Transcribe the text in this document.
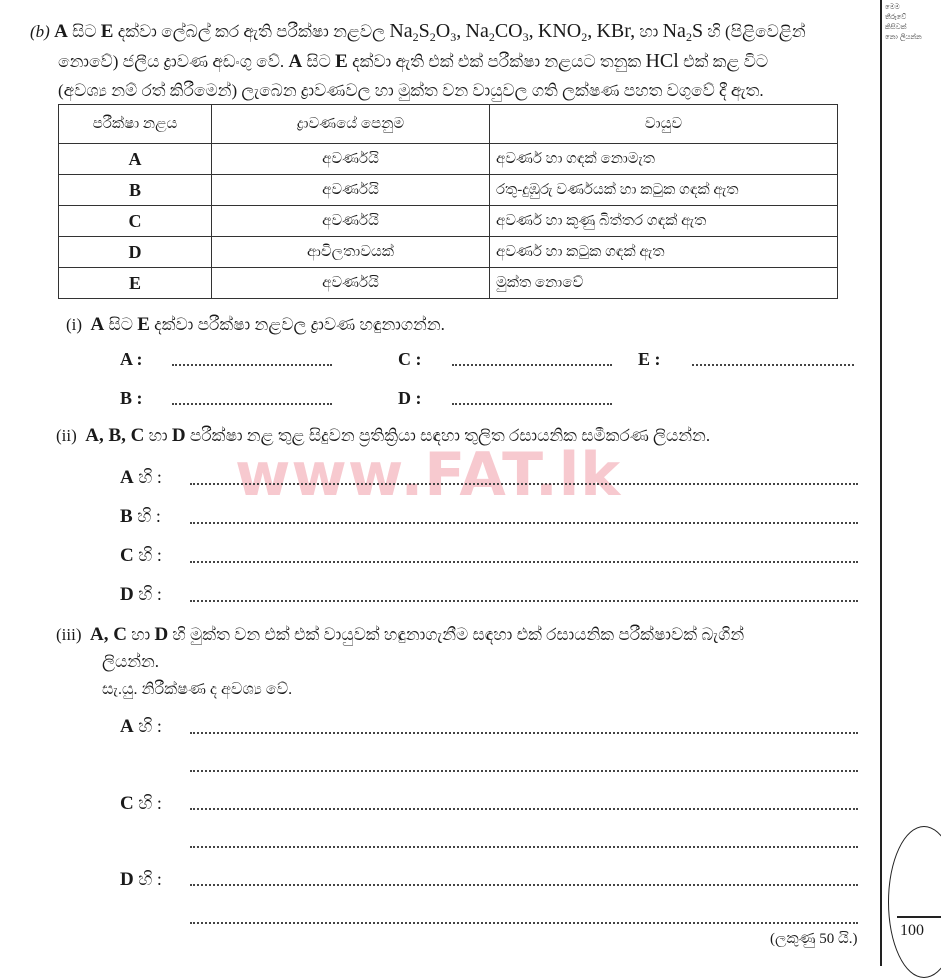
මෙම
තීරුවේ
කිසිවක්
නො ලියන්න
(b) A සිට E දක්වා ලේබල් කර ඇති පරීක්ෂා නළවල $Na_2S_2O_3$, $Na_2CO_3$, $KNO_2$, KBr, හා $Na_2S$ හි (පිළිවෙළින්
නොවේ) ජලීය ද්‍රාවණ අඩංගු වේ. A සිට E දක්වා ඇති එක් එක් පරීක්ෂා නළයට තනුක HCl එක් කළ විට
(අවශ්‍ය නම් රත් කිරීමෙන්) ලැබෙන ද්‍රාවණවල හා මුක්ත වන වායුවල ගති ලක්ෂණ පහත වගුවේ දී ඇත.
පරීක්ෂා නළය	ද්‍රාවණයේ පෙනුම	වායුව
A	අවර්ණයි	අවර්ණ හා ගඳක් නොමැත
B	අවර්ණයි	රතු-දුඹුරු වර්ණයක් හා කටුක ගඳක් ඇත
C	අවර්ණයි	අවර්ණ හා කුණු බිත්තර ගඳක් ඇත
D	ආවිලතාවයක්	අවර්ණ හා කටුක ගඳක් ඇත
E	අවර්ණයි	මුක්ත නොවේ
www.FAT.lk
(i) A සිට E දක්වා පරීක්ෂා නළවල ද්‍රාවණ හඳුනාගන්න.
A :	C :	E :
B :	D :
(ii) A, B, C හා D පරීක්ෂා නළ තුළ සිදුවන ප්‍රතික්‍රියා සඳහා තුලිත රසායනික සමීකරණ ලියන්න.
A හි :
B හි :
C හි :
D හි :
(iii) A, C හා D හි මුක්ත වන එක් එක් වායුවක් හඳුනාගැනීම සඳහා එක් රසායනික පරීක්ෂාවක් බැගින්
ලියන්න.
සැ.යු. නිරීක්ෂණ ද අවශ්‍ය වේ.
A හි :
C හි :
D හි :
(ලකුණු 50 යි.)	100
